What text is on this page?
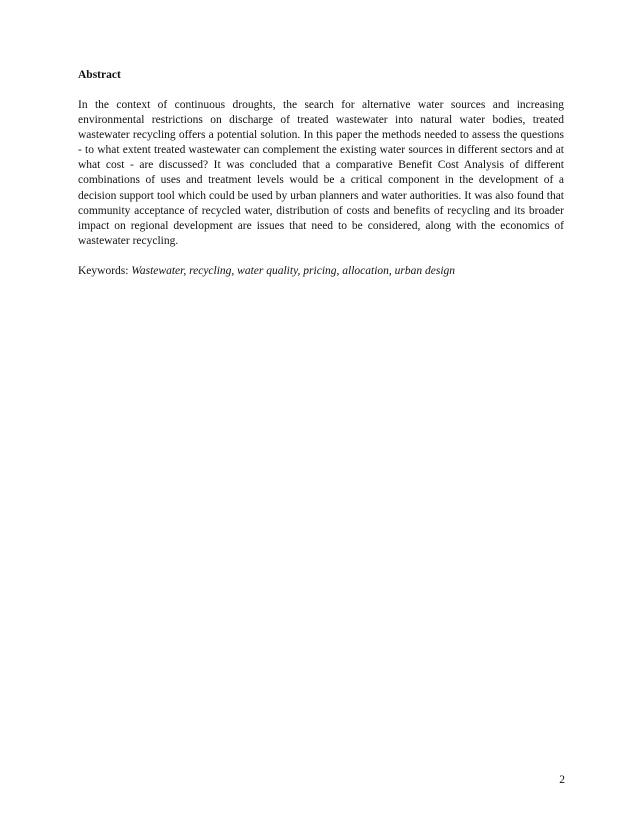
Abstract

In the context of continuous droughts, the search for alternative water sources and increasing environmental restrictions on discharge of treated wastewater into natural water bodies, treated wastewater recycling offers a potential solution. In this paper the methods needed to assess the questions - to what extent treated wastewater can complement the existing water sources in different sectors and at what cost - are discussed? It was concluded that a comparative Benefit Cost Analysis of different combinations of uses and treatment levels would be a critical component in the development of a decision support tool which could be used by urban planners and water authorities. It was also found that community acceptance of recycled water, distribution of costs and benefits of recycling and its broader impact on regional development are issues that need to be considered, along with the economics of wastewater recycling.

Keywords: Wastewater, recycling, water quality, pricing, allocation, urban design

2
